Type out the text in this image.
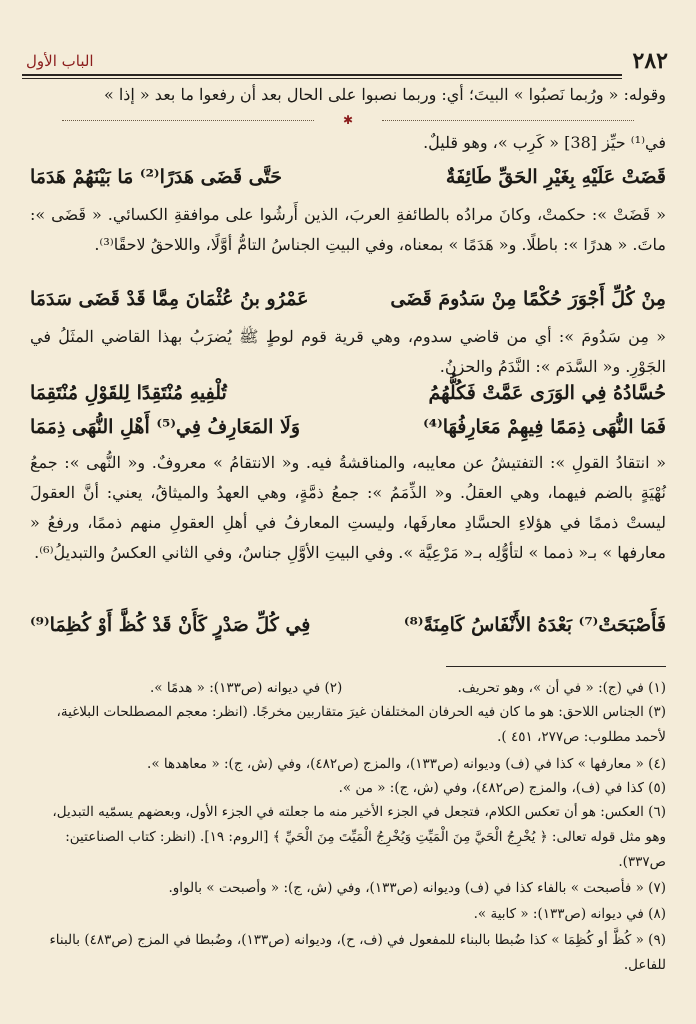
٢٨٢
الباب الأول
وقوله: « ورُبما نَصبُوا » البيتَ؛ أي: وربما نصبوا على الحال بعد أن رفعوا ما بعد « إذا »
✱
في⁽¹⁾ حيِّز [38] « كَرِب »، وهو قليلٌ.
قَضَتْ عَلَيْهِ بِغَيْرِ الحَقِّ طَائِفَةٌ
حَتَّى قَضَى هَدَرًا⁽²⁾ مَا بَيْنَهُمْ هَدَمَا
« قَضَتْ »: حكمتْ، وكانَ مرادُه بالطائفةِ العربَ، الذين أَرشُوا على موافقةِ الكسائي. « قَضَى »: ماتَ. « هدرًا »: باطلًا. و« هَدَمًا » بمعناه، وفي البيتِ الجناسُ التامُّ أوَّلًا، واللاحقُ لاحقًا⁽³⁾.
مِنْ كُلِّ أَجْوَرَ حُكْمًا مِنْ سَدُومَ قَضَى
عَمْرُو بنُ عُثْمَانَ مِمَّا قَدْ قَضَى سَدَمَا
« مِن سَدُومَ »: أي من قاضي سدوم، وهي قرية قوم لوطٍ ﷺ يُضرَبُ بهذا القاضي المثَلُ في الجَوْرِ. و« السَّدَم »: النَّدَمُ والحزنُ.
حُسَّادُهُ فِي الوَرَى عَمَّتْ فَكُلُّهُمُ
تُلْفِيهِ مُنْتَقِدًا لِلقَوْلِ مُنْتَقِمَا
فَمَا النُّهَى ذِمَمًا فِيهِمْ مَعَارِفُهَا⁽⁴⁾
وَلَا المَعَارِفُ فِي⁽⁵⁾ أَهْلِ النُّهَى ذِمَمَا
« انتقادُ القولِ »: التفتيشُ عن معايبه، والمناقشةُ فيه. و« الانتقامُ » معروفٌ. و« النُّهى »: جمعُ نُهْيَةٍ بالضم فيهما، وهي العقلُ. و« الذِّمَمُ »: جمعُ ذمَّةٍ، وهي العهدُ والميثاقُ، يعني: أنَّ العقولَ ليستْ ذممًا في هؤلاءِ الحسَّادِ معارفَها، وليستِ المعارفُ في أهلِ العقولِ منهم ذممًا، ورفعُ « معارفها » بـ« ذمما » لتأوُّلِه بـ« مَرْعِيَّة ». وفي البيتِ الأوَّلِ جناسٌ، وفي الثاني العكسُ والتبديلُ⁽⁶⁾.
فَأَصْبَحَتْ⁽⁷⁾ بَعْدَهُ الأَنْفَاسُ كَامِنَةً⁽⁸⁾
فِي كُلِّ صَدْرٍ كَأَنْ قَدْ كُظَّ أَوْ كُظِمَا⁽⁹⁾
(١) في (ج): « في أن »، وهو تحريف.
(٢) في ديوانه (ص١٣٣): « هدمًا ».
(٣) الجناس اللاحق: هو ما كان فيه الحرفان المختلفان غيرَ متقاربين مخرجًا. (انظر: معجم المصطلحات البلاغية، لأحمد مطلوب: ص٢٧٧، ٤٥١ ).
(٤) « معارفها » كذا في (ف) وديوانه (ص١٣٣)، والمزج (ص٤٨٢)، وفي (ش، ج): « معاهدها ».
(٥) كذا في (ف)، والمزج (ص٤٨٢)، وفي (ش، ج): « من ».
(٦) العكس: هو أن تعكس الكلام، فتجعل في الجزء الأخير منه ما جعلته في الجزء الأول، وبعضهم يسمّيه التبديل، وهو مثل قوله تعالى: ﴿ يُخْرِجُ الْحَيَّ مِنَ الْمَيِّتِ وَيُخْرِجُ الْمَيِّتَ مِنَ الْحَيِّ ﴾ [الروم: ١٩]. (انظر: كتاب الصناعتين: ص٣٣٧).
(٧) « فأصبحت » بالفاء كذا في (ف) وديوانه (ص١٣٣)، وفي (ش، ج): « وأصبحت » بالواو.
(٨) في ديوانه (ص١٣٣): « كابية ».
(٩) « كُظَّ أو كُظِمَا » كذا ضُبطا بالبناء للمفعول في (ف، ح)، وديوانه (ص١٣٣)، وضُبطا في المزج (ص٤٨٣) بالبناء للفاعل.
